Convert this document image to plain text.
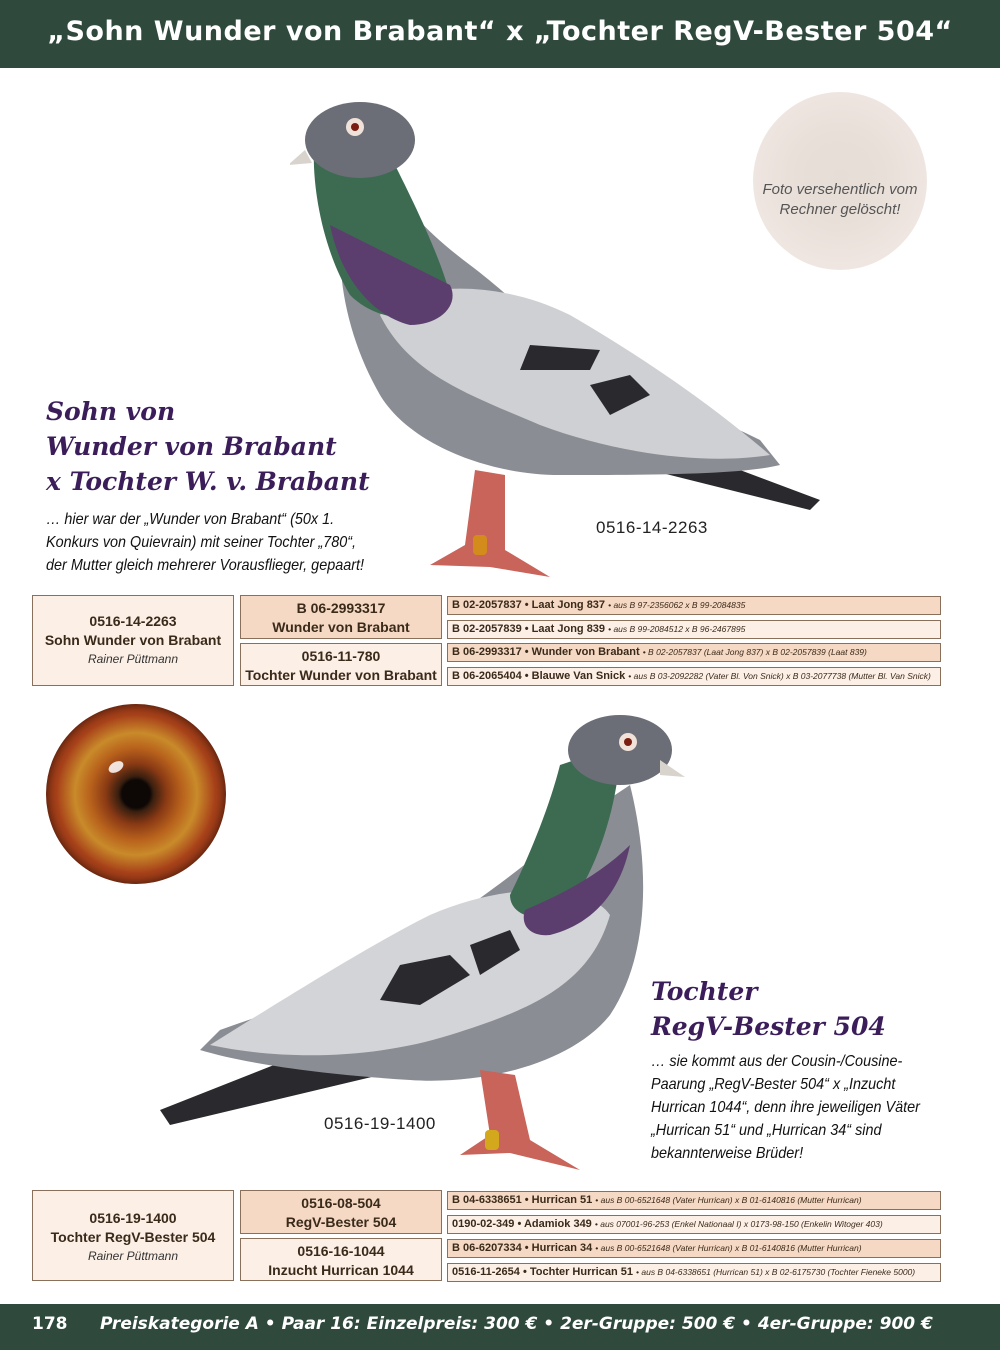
„Sohn Wunder von Brabant“ x „Tochter RegV-Bester 504“
Foto versehentlich vom Rechner gelöscht!
Sohn von
Wunder von Brabant
x Tochter W. v. Brabant
… hier war der „Wunder von Brabant“ (50x 1.
Konkurs von Quievrain) mit seiner Tochter „780“,
der Mutter gleich mehrerer Vorausflieger, gepaart!
0516-14-2263
0516-14-2263
Sohn Wunder von Brabant
Rainer Püttmann
B 06-2993317
Wunder von Brabant
0516-11-780
Tochter Wunder von Brabant
B 02-2057837 • Laat Jong 837 • aus B 97-2356062 x B 99-2084835
B 02-2057839 • Laat Jong 839 • aus B 99-2084512 x B 96-2467895
B 06-2993317 • Wunder von Brabant • B 02-2057837 (Laat Jong 837) x B 02-2057839 (Laat 839)
B 06-2065404 • Blauwe Van Snick • aus B 03-2092282 (Vater Bl. Von Snick) x B 03-2077738 (Mutter Bl. Van Snick)
0516-19-1400
Tochter
RegV-Bester 504
… sie kommt aus der Cousin-/Cousine-
Paarung „RegV-Bester 504“ x „Inzucht
Hurrican 1044“, denn ihre jeweiligen Väter
„Hurrican 51“ und „Hurrican 34“ sind
bekannterweise Brüder!
0516-19-1400
Tochter RegV-Bester 504
Rainer Püttmann
0516-08-504
RegV-Bester 504
0516-16-1044
Inzucht Hurrican 1044
B 04-6338651 • Hurrican 51 • aus B 00-6521648 (Vater Hurrican) x B 01-6140816 (Mutter Hurrican)
0190-02-349 • Adamiok 349 • aus 07001-96-253 (Enkel Nationaal I) x 0173-98-150 (Enkelin Witoger 403)
B 06-6207334 • Hurrican 34 • aus B 00-6521648 (Vater Hurrican) x B 01-6140816 (Mutter Hurrican)
0516-11-2654 • Tochter Hurrican 51 • aus B 04-6338651 (Hurrican 51) x B 02-6175730 (Tochter Fieneke 5000)
178 Preiskategorie A • Paar 16: Einzelpreis: 300 € • 2er-Gruppe: 500 € • 4er-Gruppe: 900 €
